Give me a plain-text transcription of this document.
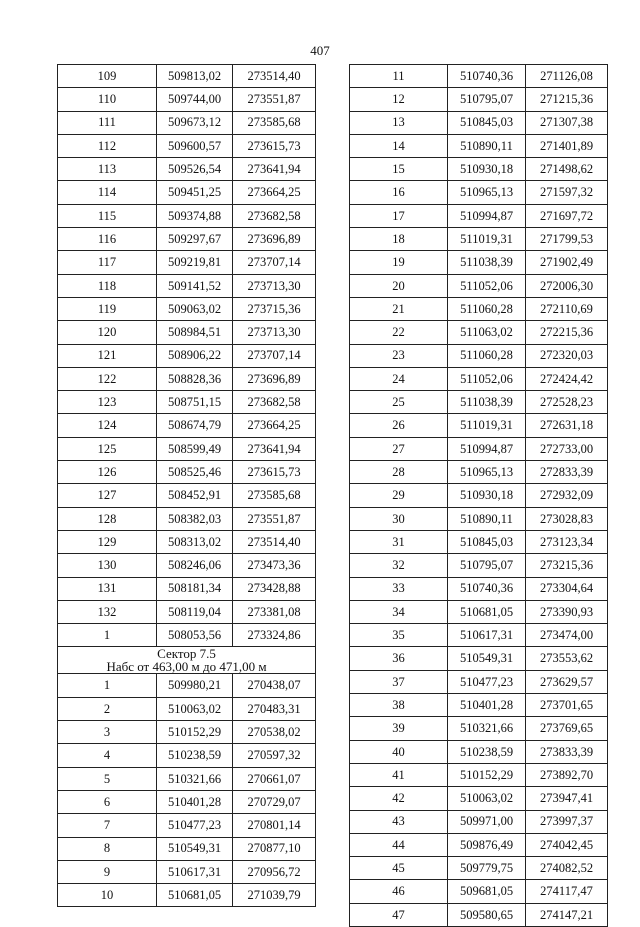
407
109	509813,02	273514,40
110	509744,00	273551,87
111	509673,12	273585,68
112	509600,57	273615,73
113	509526,54	273641,94
114	509451,25	273664,25
115	509374,88	273682,58
116	509297,67	273696,89
117	509219,81	273707,14
118	509141,52	273713,30
119	509063,02	273715,36
120	508984,51	273713,30
121	508906,22	273707,14
122	508828,36	273696,89
123	508751,15	273682,58
124	508674,79	273664,25
125	508599,49	273641,94
126	508525,46	273615,73
127	508452,91	273585,68
128	508382,03	273551,87
129	508313,02	273514,40
130	508246,06	273473,36
131	508181,34	273428,88
132	508119,04	273381,08
1	508053,56	273324,86

Сектор 7.5
Набс от 463,00 м до 471,00 м		

1	509980,21	270438,07
2	510063,02	270483,31
3	510152,29	270538,02
4	510238,59	270597,32
5	510321,66	270661,07
6	510401,28	270729,07
7	510477,23	270801,14
8	510549,31	270877,10
9	510617,31	270956,72
10	510681,05	271039,79
11	510740,36	271126,08
12	510795,07	271215,36
13	510845,03	271307,38
14	510890,11	271401,89
15	510930,18	271498,62
16	510965,13	271597,32
17	510994,87	271697,72
18	511019,31	271799,53
19	511038,39	271902,49
20	511052,06	272006,30
21	511060,28	272110,69
22	511063,02	272215,36
23	511060,28	272320,03
24	511052,06	272424,42
25	511038,39	272528,23
26	511019,31	272631,18
27	510994,87	272733,00
28	510965,13	272833,39
29	510930,18	272932,09
30	510890,11	273028,83
31	510845,03	273123,34
32	510795,07	273215,36
33	510740,36	273304,64
34	510681,05	273390,93
35	510617,31	273474,00
36	510549,31	273553,62
37	510477,23	273629,57
38	510401,28	273701,65
39	510321,66	273769,65
40	510238,59	273833,39
41	510152,29	273892,70
42	510063,02	273947,41
43	509971,00	273997,37
44	509876,49	274042,45
45	509779,75	274082,52
46	509681,05	274117,47
47	509580,65	274147,21
